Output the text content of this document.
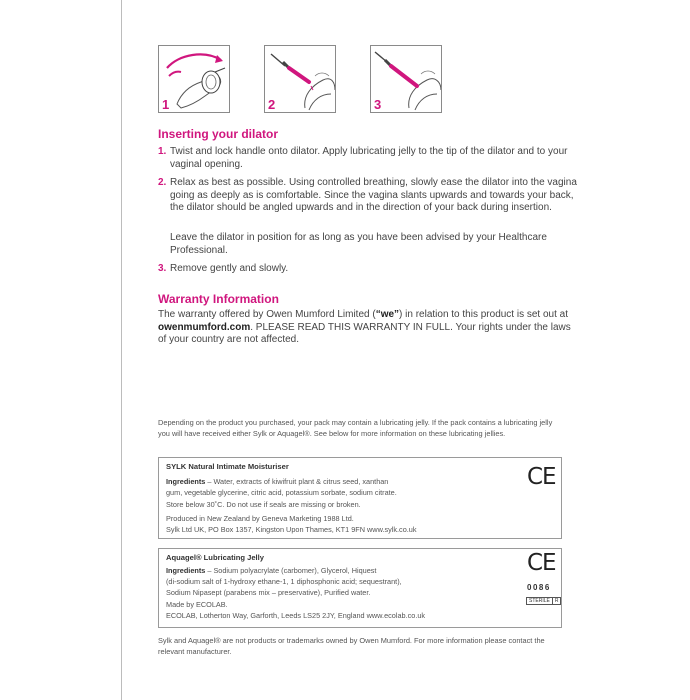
1	2	3
Inserting your dilator
1. Twist and lock handle onto dilator. Apply lubricating jelly to the tip of the dilator and to your vaginal opening.
2. Relax as best as possible. Using controlled breathing, slowly ease the dilator into the vagina going as deeply as is comfortable. Since the vagina slants upwards and towards your back, the dilator should be angled upwards and in the direction of your back during insertion.
Leave the dilator in position for as long as you have been advised by your Healthcare Professional.
3. Remove gently and slowly.
Warranty Information
The warranty offered by Owen Mumford Limited (“we”) in relation to this product is set out at owenmumford.com. PLEASE READ THIS WARRANTY IN FULL. Your rights under the laws of your country are not affected.
Depending on the product you purchased, your pack may contain a lubricating jelly. If the pack contains a lubricating jelly you will have received either Sylk or Aquagel®. See below for more information on these lubricating jellies.
SYLK Natural Intimate Moisturiser
Ingredients – Water, extracts of kiwifruit plant & citrus seed, xanthan
gum, vegetable glycerine, citric acid, potassium sorbate, sodium citrate.
Store below 30˚C. Do not use if seals are missing or broken.
Produced in New Zealand by Geneva Marketing 1988 Ltd.
Sylk Ltd UK, PO Box 1357, Kingston Upon Thames, KT1 9FN www.sylk.co.uk
CE
Aquagel® Lubricating Jelly
Ingredients – Sodium polyacrylate (carbomer), Glycerol, Hiquest
(di-sodium salt of 1-hydroxy ethane-1, 1 diphosphonic acid; sequestrant),
Sodium Nipasept (parabens mix – preservative), Purified water.
Made by ECOLAB.
ECOLAB, Lotherton Way, Garforth, Leeds LS25 2JY, England www.ecolab.co.uk
CE
0086
STERILE R
Sylk and Aquagel® are not products or trademarks owned by Owen Mumford. For more information please contact the relevant manufacturer.
